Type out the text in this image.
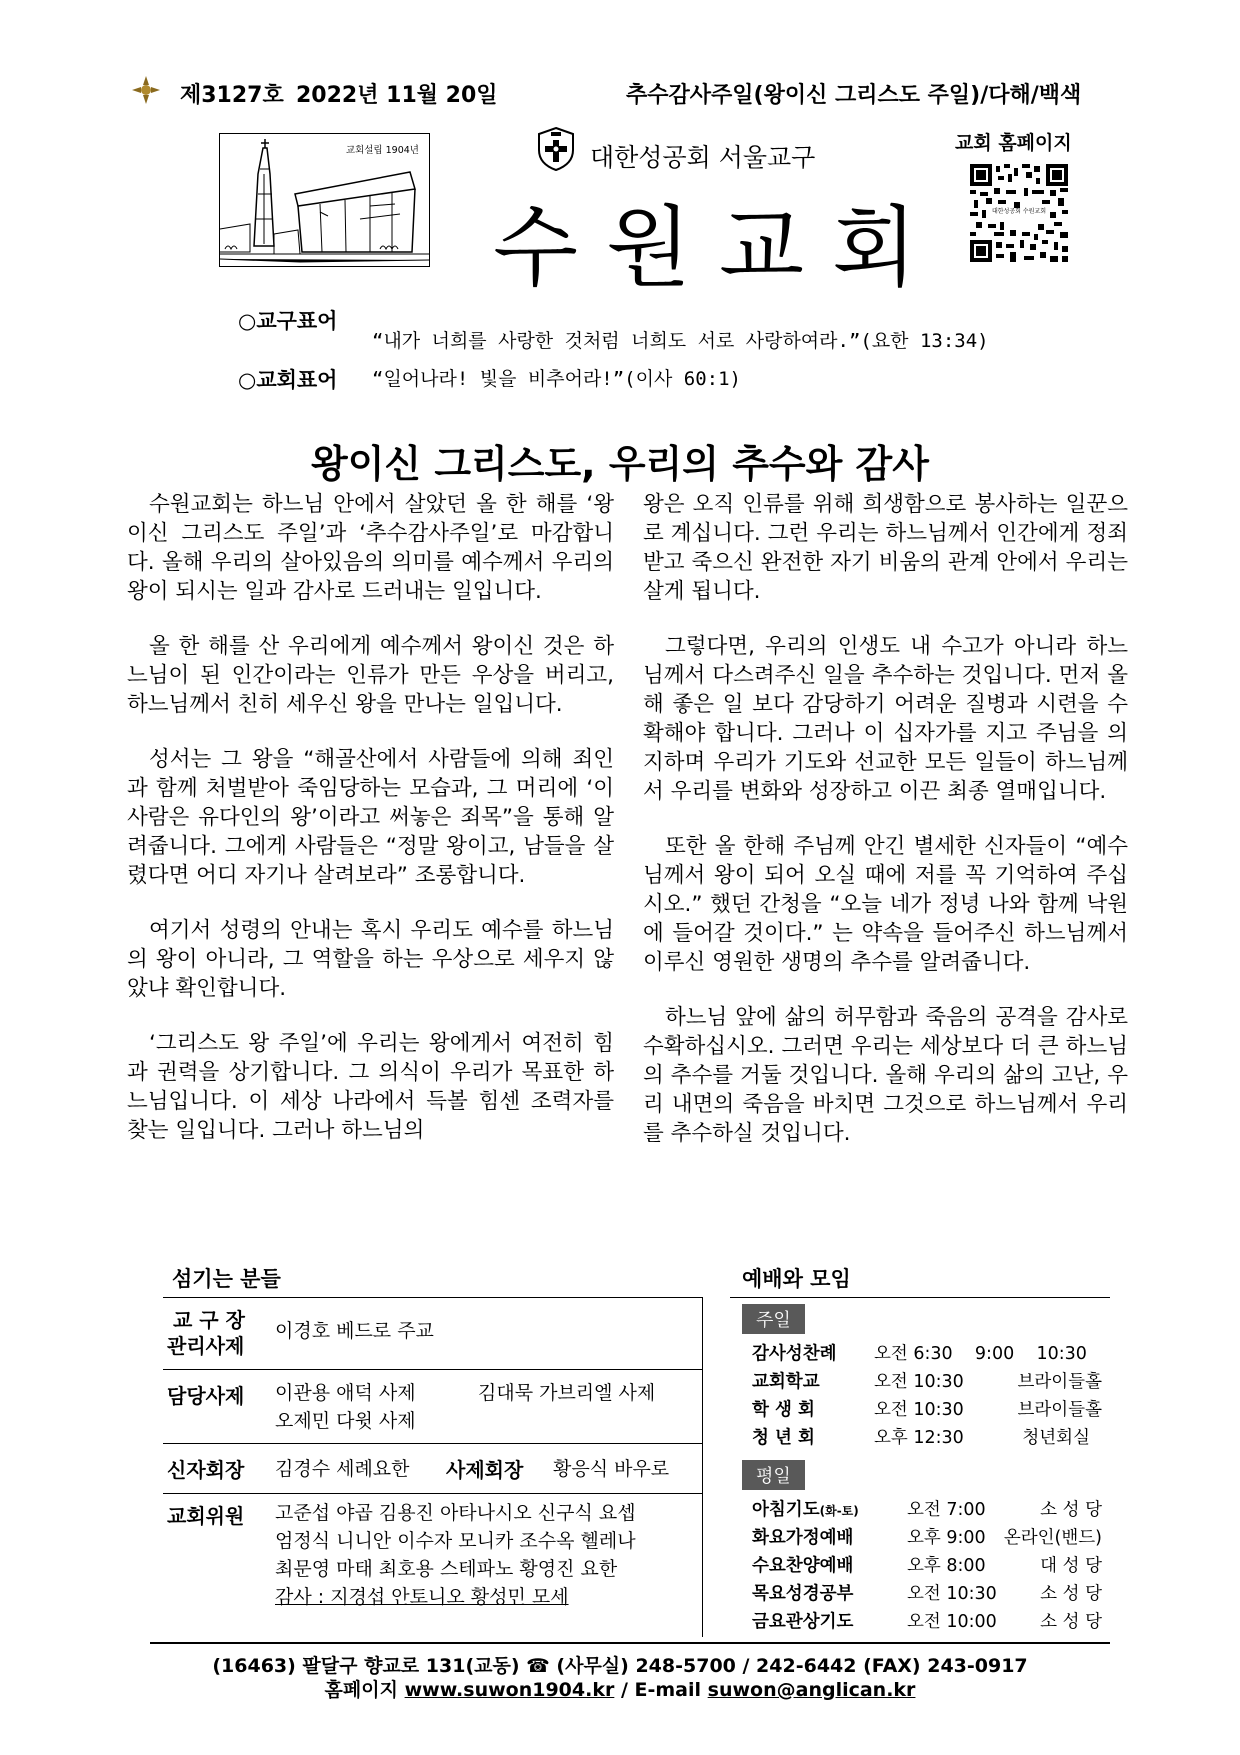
제3127호 2022년 11월 20일	추수감사주일(왕이신 그리스도 주일)/다해/백색
교회설립 1904년	대한성공회 서울교구
수원교회
교회 홈페이지
대한성공회 수원교회
○교구표어
“내가 너희를 사랑한 것처럼 너희도 서로 사랑하여라.”(요한 13:34)
○교회표어 “일어나라! 빛을 비추어라!”(이사 60:1)
왕이신 그리스도, 우리의 추수와 감사

수원교회는 하느님 안에서 살았던 올 한 해를 ‘왕이신 그리스도 주일’과 ‘추수감사주일’로 마감합니다. 올해 우리의 살아있음의 의미를 예수께서 우리의 왕이 되시는 일과 감사로 드러내는 일입니다.

올 한 해를 산 우리에게 예수께서 왕이신 것은 하느님이 된 인간이라는 인류가 만든 우상을 버리고, 하느님께서 친히 세우신 왕을 만나는 일입니다.

성서는 그 왕을 “해골산에서 사람들에 의해 죄인과 함께 처벌받아 죽임당하는 모습과, 그 머리에 ‘이 사람은 유다인의 왕’이라고 써놓은 죄목”을 통해 알려줍니다. 그에게 사람들은 “정말 왕이고, 남들을 살렸다면 어디 자기나 살려보라” 조롱합니다.

여기서 성령의 안내는 혹시 우리도 예수를 하느님의 왕이 아니라, 그 역할을 하는 우상으로 세우지 않았냐 확인합니다.

‘그리스도 왕 주일’에 우리는 왕에게서 여전히 힘과 권력을 상기합니다. 그 의식이 우리가 목표한 하느님입니다. 이 세상 나라에서 득볼 힘센 조력자를 찾는 일입니다. 그러나 하느님의

왕은 오직 인류를 위해 희생함으로 봉사하는 일꾼으로 계십니다. 그런 우리는 하느님께서 인간에게 정죄 받고 죽으신 완전한 자기 비움의 관계 안에서 우리는 살게 됩니다.

그렇다면, 우리의 인생도 내 수고가 아니라 하느님께서 다스려주신 일을 추수하는 것입니다. 먼저 올 해 좋은 일 보다 감당하기 어려운 질병과 시련을 수확해야 합니다. 그러나 이 십자가를 지고 주님을 의지하며 우리가 기도와 선교한 모든 일들이 하느님께서 우리를 변화와 성장하고 이끈 최종 열매입니다.

또한 올 한해 주님께 안긴 별세한 신자들이 “예수님께서 왕이 되어 오실 때에 저를 꼭 기억하여 주십시오.” 했던 간청을 “오늘 네가 정녕 나와 함께 낙원에 들어갈 것이다.” 는 약속을 들어주신 하느님께서 이루신 영원한 생명의 추수를 알려줍니다.

하느님 앞에 삶의 허무함과 죽음의 공격을 감사로 수확하십시오. 그러면 우리는 세상보다 더 큰 하느님의 추수를 거둘 것입니다. 올해 우리의 삶의 고난, 우리 내면의 죽음을 바치면 그것으로 하느님께서 우리를 추수하실 것입니다.

섬기는 분들	예배와 모임
교 구 장
관리사제
이경호 베드로 주교
담당사제 이관용 애덕 사제	김대묵 가브리엘 사제
오제민 다윗 사제
신자회장 김경수 세례요한 사제회장 황응식 바우로
교회위원 고준섭 야곱 김용진 아타나시오 신구식 요셉
엄정식 니니안 이수자 모니카 조수옥 헬레나
최문영 마태 최호용 스테파노 황영진 요한
감사 : 지경섭 안토니오 황성민 모세
주일
감사성찬례 오전 6:30    9:00    10:30
교회학교	오전 10:30	브라이들홀
학 생 회	오전 10:30	브라이들홀
청 년 회	오후 12:30	청년회실
평일
아침기도(화-토)	오전 7:00	소 성 당
화요가정예배	오후 9:00 온라인(밴드)
수요찬양예배	오후 8:00	대 성 당
목요성경공부	오전 10:30 소 성 당
금요관상기도	오전 10:00 소 성 당
(16463) 팔달구 향교로 131(교동) ☎ (사무실) 248-5700 / 242-6442 (FAX) 243-0917
홈페이지 www.suwon1904.kr / E-mail suwon@anglican.kr
